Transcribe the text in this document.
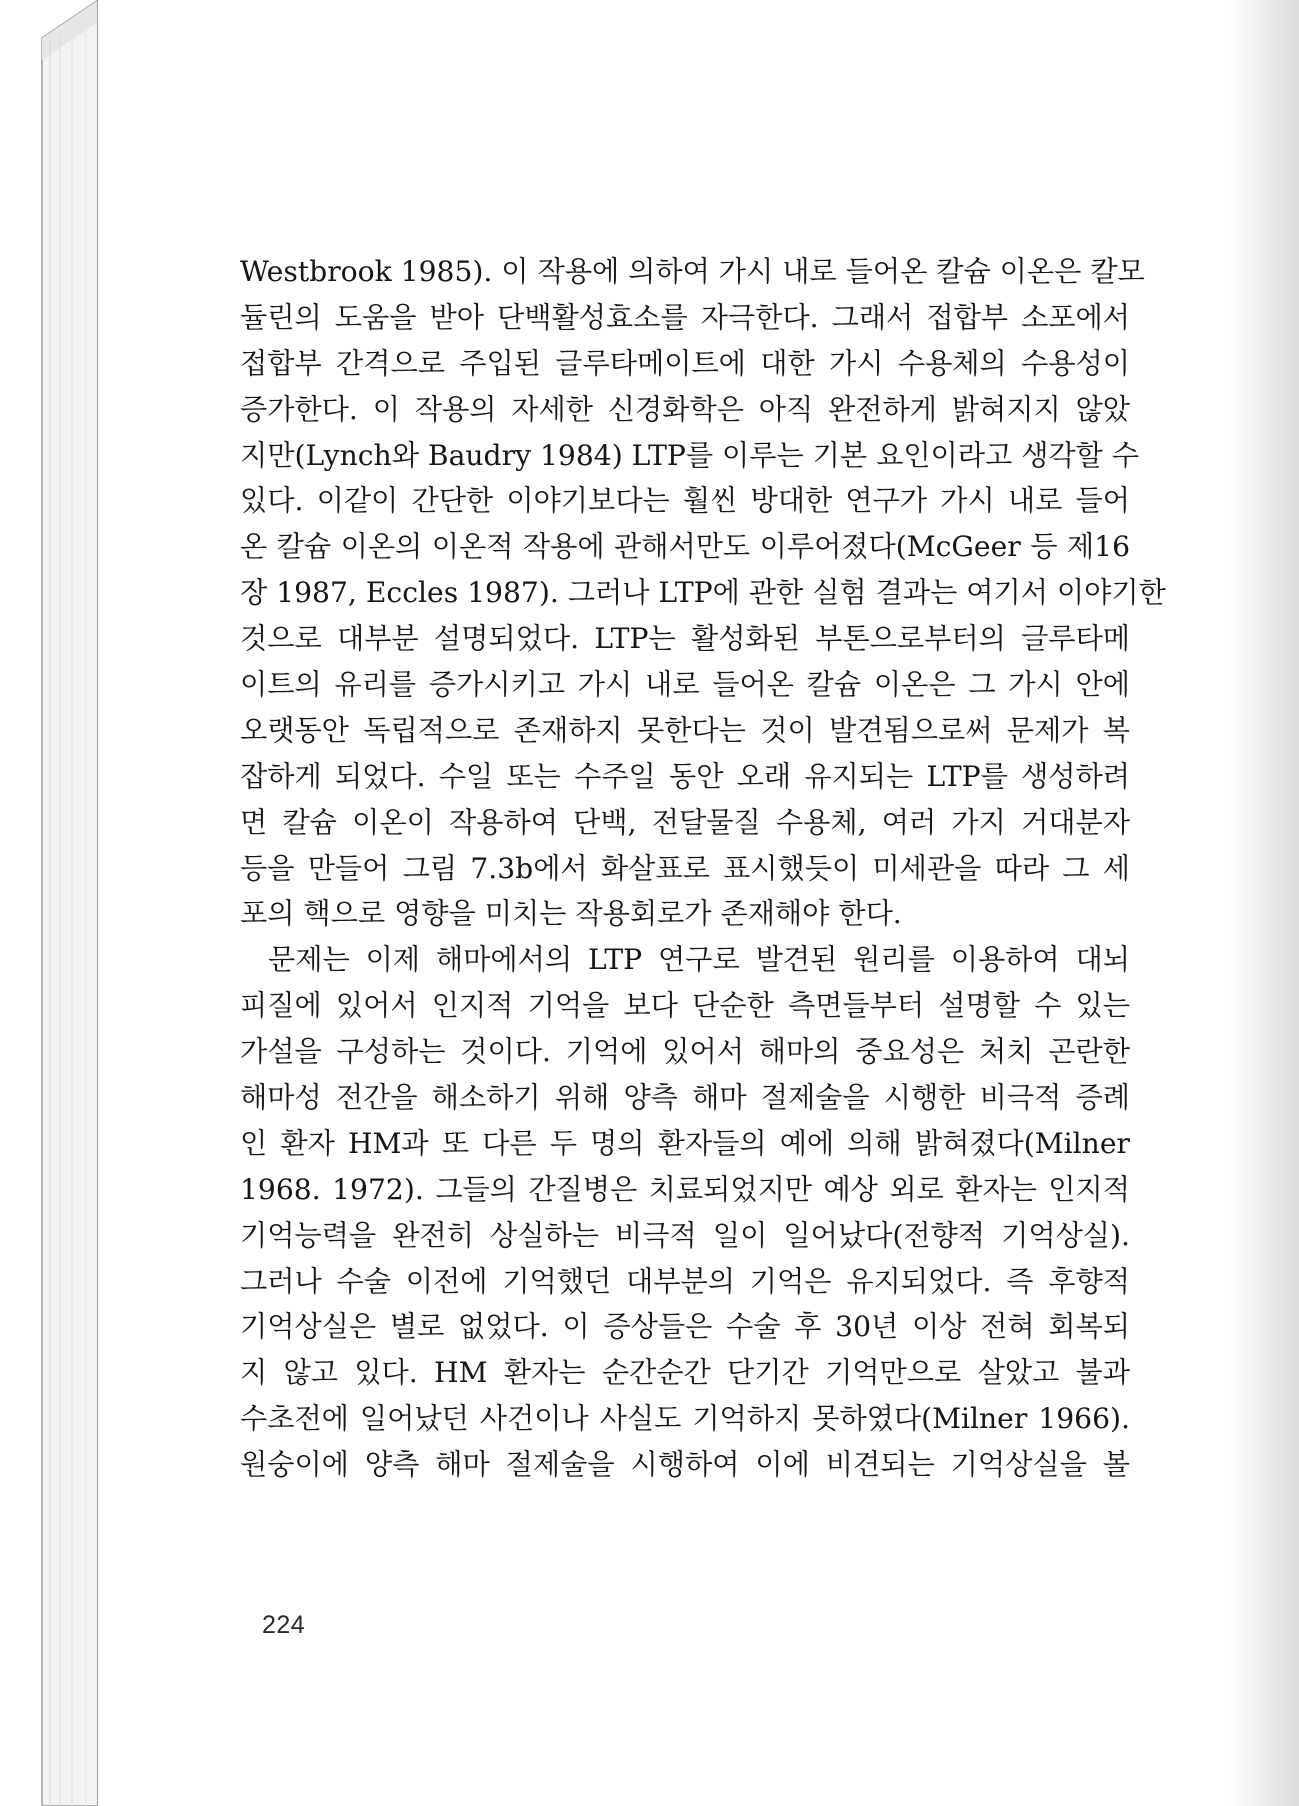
Westbrook 1985). 이 작용에 의하여 가시 내로 들어온 칼슘 이온은 칼모
듈린의 도움을 받아 단백활성효소를 자극한다. 그래서 접합부 소포에서
접합부 간격으로 주입된 글루타메이트에 대한 가시 수용체의 수용성이
증가한다. 이 작용의 자세한 신경화학은 아직 완전하게 밝혀지지 않았
지만(Lynch와 Baudry 1984) LTP를 이루는 기본 요인이라고 생각할 수
있다. 이같이 간단한 이야기보다는 훨씬 방대한 연구가 가시 내로 들어
온 칼슘 이온의 이온적 작용에 관해서만도 이루어졌다(McGeer 등 제16
장 1987, Eccles 1987). 그러나 LTP에 관한 실험 결과는 여기서 이야기한
것으로 대부분 설명되었다. LTP는 활성화된 부톤으로부터의 글루타메
이트의 유리를 증가시키고 가시 내로 들어온 칼슘 이온은 그 가시 안에
오랫동안 독립적으로 존재하지 못한다는 것이 발견됨으로써 문제가 복
잡하게 되었다. 수일 또는 수주일 동안 오래 유지되는 LTP를 생성하려
면 칼슘 이온이 작용하여 단백, 전달물질 수용체, 여러 가지 거대분자
등을 만들어 그림 7.3b에서 화살표로 표시했듯이 미세관을 따라 그 세
포의 핵으로 영향을 미치는 작용회로가 존재해야 한다.
문제는 이제 해마에서의 LTP 연구로 발견된 원리를 이용하여 대뇌
피질에 있어서 인지적 기억을 보다 단순한 측면들부터 설명할 수 있는
가설을 구성하는 것이다. 기억에 있어서 해마의 중요성은 처치 곤란한
해마성 전간을 해소하기 위해 양측 해마 절제술을 시행한 비극적 증례
인 환자 HM과 또 다른 두 명의 환자들의 예에 의해 밝혀졌다(Milner
1968. 1972). 그들의 간질병은 치료되었지만 예상 외로 환자는 인지적
기억능력을 완전히 상실하는 비극적 일이 일어났다(전향적 기억상실).
그러나 수술 이전에 기억했던 대부분의 기억은 유지되었다. 즉 후향적
기억상실은 별로 없었다. 이 증상들은 수술 후 30년 이상 전혀 회복되
지 않고 있다. HM 환자는 순간순간 단기간 기억만으로 살았고 불과
수초전에 일어났던 사건이나 사실도 기억하지 못하였다(Milner 1966).
원숭이에 양측 해마 절제술을 시행하여 이에 비견되는 기억상실을 볼
224
